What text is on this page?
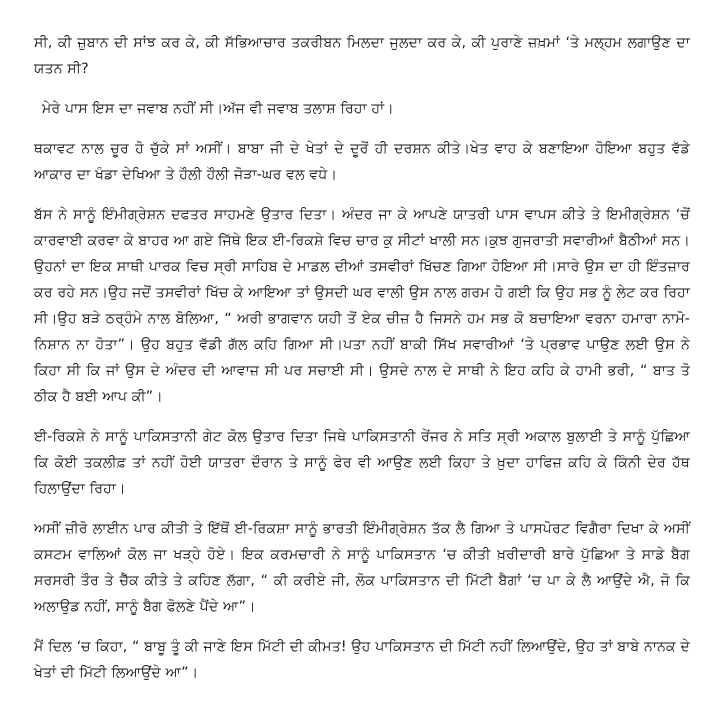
ਸੀ, ਕੀ ਜ਼ੁਬਾਨ ਦੀ ਸਾਂਝ ਕਰ ਕੇ, ਕੀ ਸੱਭਿਆਚਾਰ ਤਕਰੀਬਨ ਮਿਲਦਾ ਜੁਲਦਾ ਕਰ ਕੇ, ਕੀ ਪੁਰਾਣੇ ਜ਼ਖ਼ਮਾਂ ‘ਤੇ ਮਲ੍ਹਮ ਲਗਾਉਣ ਦਾ ਯਤਨ ਸੀ?

ਮੇਰੇ ਪਾਸ ਇਸ ਦਾ ਜਵਾਬ ਨਹੀਂ ਸੀ।ਅੱਜ ਵੀ ਜਵਾਬ ਤਲਾਸ਼ ਰਿਹਾ ਹਾਂ।

ਥਕਾਵਟ ਨਾਲ ਚੂਰ ਹੋ ਚੁੱਕੇ ਸਾਂ ਅਸੀਂ। ਬਾਬਾ ਜੀ ਦੇ ਖੇਤਾਂ ਦੇ ਦੂਰੋਂ ਹੀ ਦਰਸ਼ਨ ਕੀਤੇ।ਖੇਤ ਵਾਹ ਕੇ ਬਣਾਇਆ ਹੋਇਆ ਬਹੁਤ ਵੱਡੇ ਆਕਾਰ ਦਾ ਖੰਡਾ ਦੇਖਿਆ ਤੇ ਹੌਲੀ ਹੌਲੀ ਜੋੜਾ-ਘਰ ਵਲ ਵਧੇ।

ਬੱਸ ਨੇ ਸਾਨੂੰ ਇੰਮੀਗ੍ਰੇਸ਼ਨ ਦਫਤਰ ਸਾਹਮਣੇ ਉਤਾਰ ਦਿਤਾ। ਅੰਦਰ ਜਾ ਕੇ ਆਪਣੇ ਯਾਤਰੀ ਪਾਸ ਵਾਪਸ ਕੀਤੇ ਤੇ ਇਮੀਗ੍ਰੇਸ਼ਨ ‘ਚੋਂ ਕਾਰਵਾਈ ਕਰਵਾ ਕੇ ਬਾਹਰ ਆ ਗਏ ਜਿੱਥੇ ਇਕ ਈ-ਰਿਕਸ਼ੇ ਵਿਚ ਚਾਰ ਕੁ ਸੀਟਾਂ ਖਾਲੀ ਸਨ।ਕੁਝ ਗੁਜਰਾਤੀ ਸਵਾਰੀਆਂ ਬੈਠੀਆਂ ਸਨ।ਉਹਨਾਂ ਦਾ ਇਕ ਸਾਥੀ ਪਾਰਕ ਵਿਚ ਸ੍ਰੀ ਸਾਹਿਬ ਦੇ ਮਾਡਲ ਦੀਆਂ ਤਸਵੀਰਾਂ ਖਿੱਚਣ ਗਿਆ ਹੋਇਆ ਸੀ।ਸਾਰੇ ਉਸ ਦਾ ਹੀ ਇੰਤਜ਼ਾਰ ਕਰ ਰਹੇ ਸਨ।ਉਹ ਜਦੋਂ ਤਸਵੀਰਾਂ ਖਿੱਚ ਕੇ ਆਇਆ ਤਾਂ ਉਸਦੀ ਘਰ ਵਾਲੀ ਉਸ ਨਾਲ ਗਰਮ ਹੋ ਗਈ ਕਿ ਉਹ ਸਭ ਨੂੰ ਲੇਟ ਕਰ ਰਿਹਾ ਸੀ।ਉਹ ਬੜੇ ਠਰ੍ਹੰਮੇ ਨਾਲ ਬੋਲਿਆ, “ ਅਰੀ ਭਾਗਵਾਨ ਯਹੀ ਤੋਂ ਏਕ ਚੀਜ਼ ਹੈ ਜਿਸਨੇ ਹਮ ਸਭ ਕੋ ਬਚਾਇਆ ਵਰਨਾ ਹਮਾਰਾ ਨਾਮੋ-ਨਿਸ਼ਾਨ ਨਾ ਹੋਤਾ”। ਉਹ ਬਹੁਤ ਵੱਡੀ ਗੱਲ ਕਹਿ ਗਿਆ ਸੀ।ਪਤਾ ਨਹੀਂ ਬਾਕੀ ਸਿੱਖ ਸਵਾਰੀਆਂ ‘ਤੇ ਪ੍ਰਭਾਵ ਪਾਉਣ ਲਈ ਉਸ ਨੇ ਕਿਹਾ ਸੀ ਕਿ ਜਾਂ ਉਸ ਦੇ ਅੰਦਰ ਦੀ ਆਵਾਜ਼ ਸੀ ਪਰ ਸਚਾਈ ਸੀ। ਉਸਦੇ ਨਾਲ ਦੇ ਸਾਥੀ ਨੇ ਇਹ ਕਹਿ ਕੇ ਹਾਮੀ ਭਰੀ, “ ਬਾਤ ਤੋ ਠੀਕ ਹੈ ਬਈ ਆਪ ਕੀ”।

ਈ-ਰਿਕਸ਼ੇ ਨੇ ਸਾਨੂੰ ਪਾਕਿਸਤਾਨੀ ਗੇਟ ਕੋਲ ਉਤਾਰ ਦਿਤਾ ਜਿਥੇ ਪਾਕਿਸਤਾਨੀ ਰੇਂਜਰ ਨੇ ਸਤਿ ਸ੍ਰੀ ਅਕਾਲ ਬੁਲਾਈ ਤੇ ਸਾਨੂੰ ਪੁੱਛਿਆ ਕਿ ਕੋਈ ਤਕਲੀਫ਼ ਤਾਂ ਨਹੀਂ ਹੋਈ ਯਾਤਰਾ ਦੌਰਾਨ ਤੇ ਸਾਨੂੰ ਫੇਰ ਵੀ ਆਉਣ ਲਈ ਕਿਹਾ ਤੇ ਖ਼ੁਦਾ ਹਾਫਿਜ਼ ਕਹਿ ਕੇ ਕਿੰਨੀ ਦੇਰ ਹੱਥ ਹਿਲਾਉਂਦਾ ਰਿਹਾ।

ਅਸੀਂ ਜ਼ੀਰੋ ਲਾਈਨ ਪਾਰ ਕੀਤੀ ਤੇ ਇੱਥੋਂ ਈ-ਰਿਕਸ਼ਾ ਸਾਨੂੰ ਭਾਰਤੀ ਇੰਮੀਗ੍ਰੇਸ਼ਨ ਤੱਕ ਲੈ ਗਿਆ ਤੇ ਪਾਸਪੋਰਟ ਵਿਗੈਰਾ ਦਿਖਾ ਕੇ ਅਸੀਂ ਕਸਟਮ ਵਾਲਿਆਂ ਕੋਲ ਜਾ ਖੜ੍ਹੇ ਹੋਏ। ਇਕ ਕਰਮਚਾਰੀ ਨੇ ਸਾਨੂੰ ਪਾਕਿਸਤਾਨ ‘ਚ ਕੀਤੀ ਖ਼ਰੀਦਾਰੀ ਬਾਰੇ ਪੁੱਛਿਆ ਤੇ ਸਾਡੇ ਬੈਗ ਸਰਸਰੀ ਤੌਰ ਤੇ ਚੈੱਕ ਕੀਤੇ ਤੇ ਕਹਿਣ ਲੱਗਾ, “ ਕੀ ਕਰੀਏ ਜੀ, ਲੋਕ ਪਾਕਿਸਤਾਨ ਦੀ ਮਿੱਟੀ ਬੈਗਾਂ ‘ਚ ਪਾ ਕੇ ਲੈ ਆਉਂਦੇ ਐ, ਜੋ ਕਿ ਅਲਾਉਡ ਨਹੀਂ, ਸਾਨੂੰ ਬੈਗ ਫੋਲਣੇ ਪੈਂਦੇ ਆ”।

ਮੈਂ ਦਿਲ ‘ਚ ਕਿਹਾ, “ ਬਾਬੂ ਤੂੰ ਕੀ ਜਾਣੇ ਇਸ ਮਿੱਟੀ ਦੀ ਕੀਮਤ! ਉਹ ਪਾਕਿਸਤਾਨ ਦੀ ਮਿੱਟੀ ਨਹੀਂ ਲਿਆਉਂਦੇ, ਉਹ ਤਾਂ ਬਾਬੇ ਨਾਨਕ ਦੇ ਖੇਤਾਂ ਦੀ ਮਿੱਟੀ ਲਿਆਉਂਦੇ ਆ”।
